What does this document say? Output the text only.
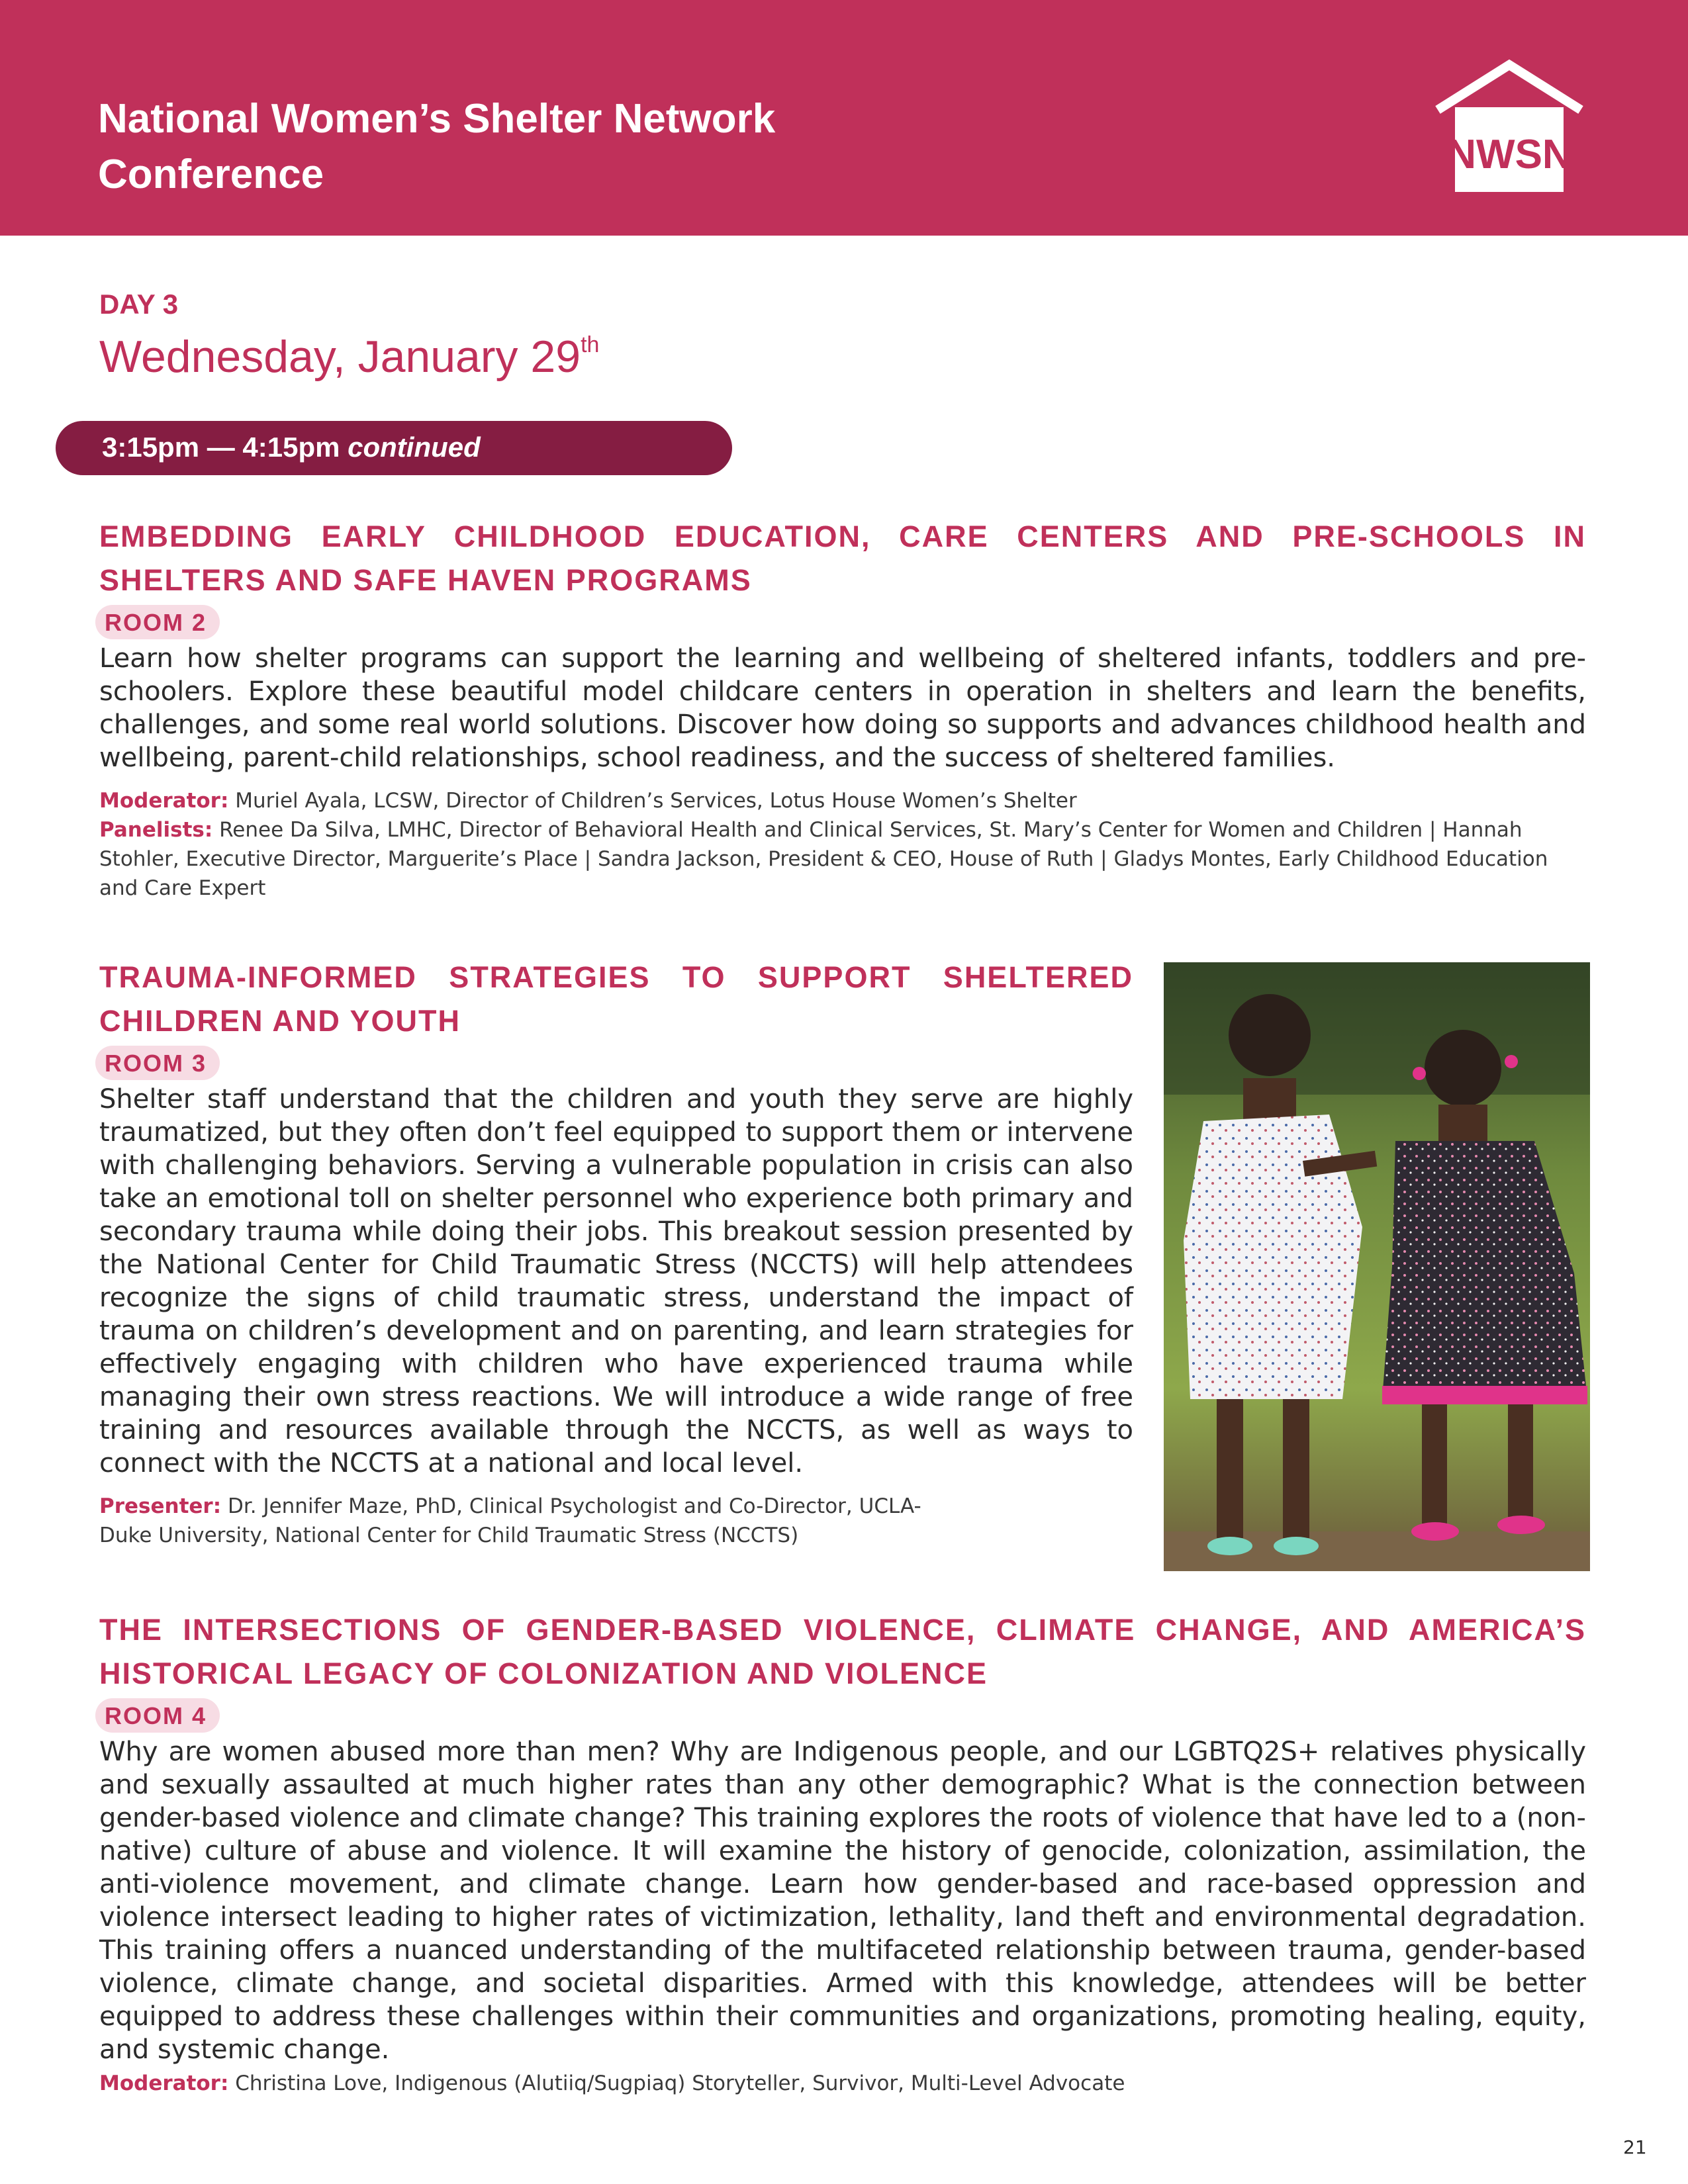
National Women’s Shelter Network
Conference	NWSN
DAY 3
Wednesday, January 29th
3:15pm — 4:15pm continued
EMBEDDING EARLY CHILDHOOD EDUCATION, CARE CENTERS AND PRE-SCHOOLS IN SHELTERS AND SAFE HAVEN PROGRAMS
ROOM 2
Learn how shelter programs can support the learning and wellbeing of sheltered infants, toddlers and pre-schoolers. Explore these beautiful model childcare centers in operation in shelters and learn the benefits, challenges, and some real world solutions. Discover how doing so supports and advances childhood health and wellbeing, parent-child relationships, school readiness, and the success of sheltered families.
Moderator: Muriel Ayala, LCSW, Director of Children’s Services, Lotus House Women’s Shelter
Panelists: Renee Da Silva, LMHC, Director of Behavioral Health and Clinical Services, St. Mary’s Center for Women and Children | Hannah Stohler, Executive Director, Marguerite’s Place | Sandra Jackson, President & CEO, House of Ruth | Gladys Montes, Early Childhood Education and Care Expert
TRAUMA-INFORMED STRATEGIES TO SUPPORT SHELTERED CHILDREN AND YOUTH
ROOM 3
Shelter staff understand that the children and youth they serve are highly traumatized, but they often don’t feel equipped to support them or intervene with challenging behaviors. Serving a vulnerable population in crisis can also take an emotional toll on shelter personnel who experience both primary and secondary trauma while doing their jobs. This breakout session presented by the National Center for Child Traumatic Stress (NCCTS) will help attendees recognize the signs of child traumatic stress, understand the impact of trauma on children’s development and on parenting, and learn strategies for effectively engaging with children who have experienced trauma while managing their own stress reactions. We will introduce a wide range of free training and resources available through the NCCTS, as well as ways to connect with the NCCTS at a national and local level.
Presenter: Dr. Jennifer Maze, PhD, Clinical Psychologist and Co-Director, UCLA-Duke University, National Center for Child Traumatic Stress (NCCTS)
THE INTERSECTIONS OF GENDER-BASED VIOLENCE, CLIMATE CHANGE, AND AMERICA’S HISTORICAL LEGACY OF COLONIZATION AND VIOLENCE
ROOM 4
Why are women abused more than men? Why are Indigenous people, and our LGBTQ2S+ relatives physically and sexually assaulted at much higher rates than any other demographic? What is the connection between gender-based violence and climate change? This training explores the roots of violence that have led to a (non-native) culture of abuse and violence. It will examine the history of genocide, colonization, assimilation, the anti-violence movement, and climate change. Learn how gender-based and race-based oppression and violence intersect leading to higher rates of victimization, lethality, land theft and environmental degradation. This training offers a nuanced understanding of the multifaceted relationship between trauma, gender-based violence, climate change, and societal disparities. Armed with this knowledge, attendees will be better equipped to address these challenges within their communities and organizations, promoting healing, equity, and systemic change.
Moderator: Christina Love, Indigenous (Alutiiq/Sugpiaq) Storyteller, Survivor, Multi-Level Advocate
21
